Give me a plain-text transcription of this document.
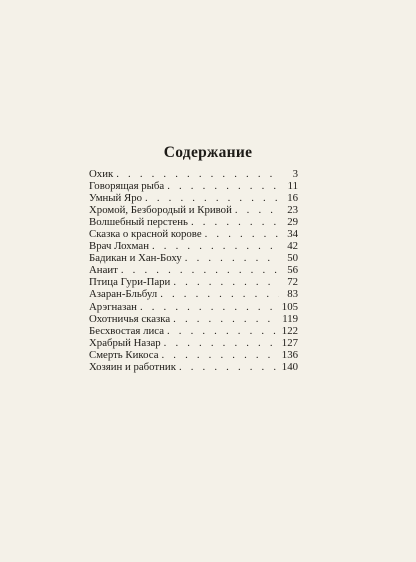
Содержание
Охик . . .	3
Говорящая рыба . . .	11
Умный Яро . . .	16
Хромой, Безбородый и Кривой . . .	23
Волшебный перстень . . .	29
Сказка о красной корове . . .	34
Врач Лохман . . .	42
Бадикан и Хан-Боху . . .	50
Анаит . . .	56
Птица Гури-Пари . . .	72
Азаран-Бльбул . . .	83
Арэгназан . . .	105
Охотничья сказка . . .	119
Бесхвостая лиса . . .	122
Храбрый Назар . . .	127
Смерть Кикоса . . .	136
Хозяин и работник . . .	140
